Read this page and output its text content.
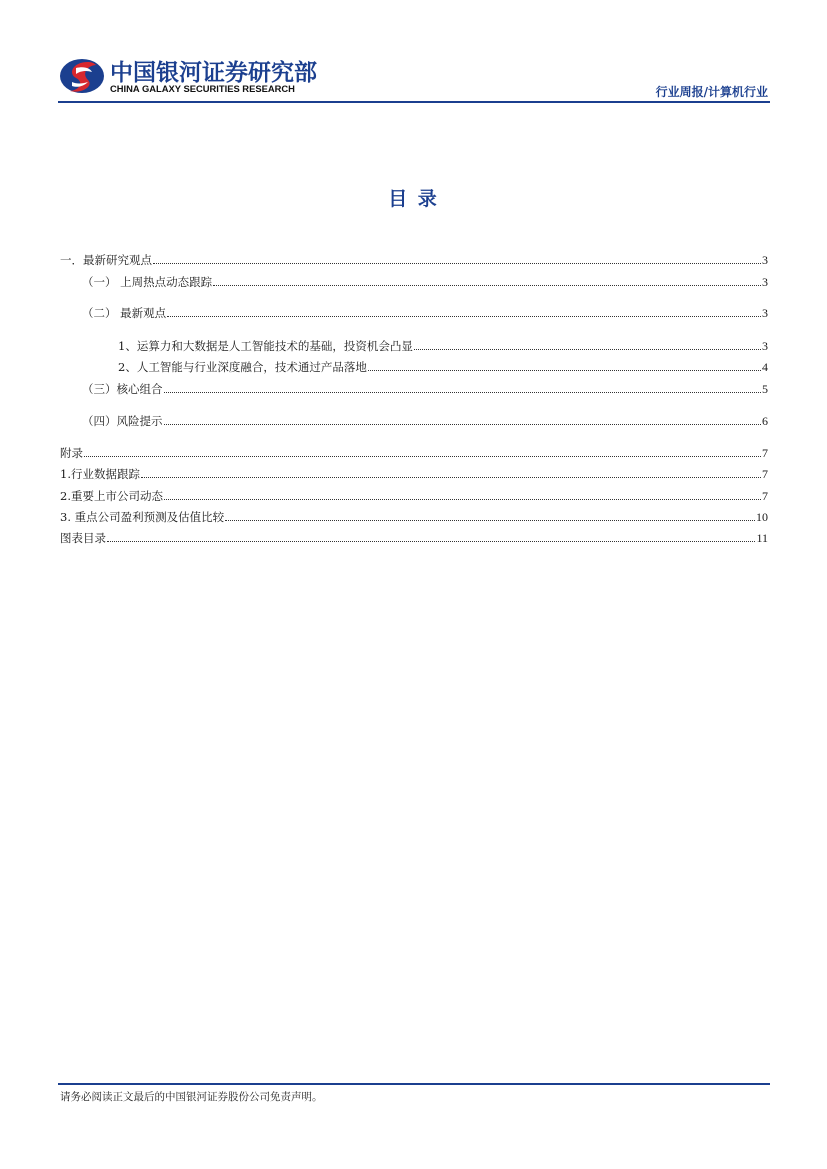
中国银河证券研究部
CHINA GALAXY SECURITIES RESEARCH	行业周报/计算机行业
目 录
一．最新研究观点	3
（一） 上周热点动态跟踪	3
（二） 最新观点	3
1、运算力和大数据是人工智能技术的基础，投资机会凸显	3
2、人工智能与行业深度融合，技术通过产品落地	4
（三）核心组合	5
（四）风险提示	6
附录	7
1.行业数据跟踪	7
2.重要上市公司动态	7
3. 重点公司盈利预测及估值比较	10
图表目录	11
请务必阅读正文最后的中国银河证券股份公司免责声明。
